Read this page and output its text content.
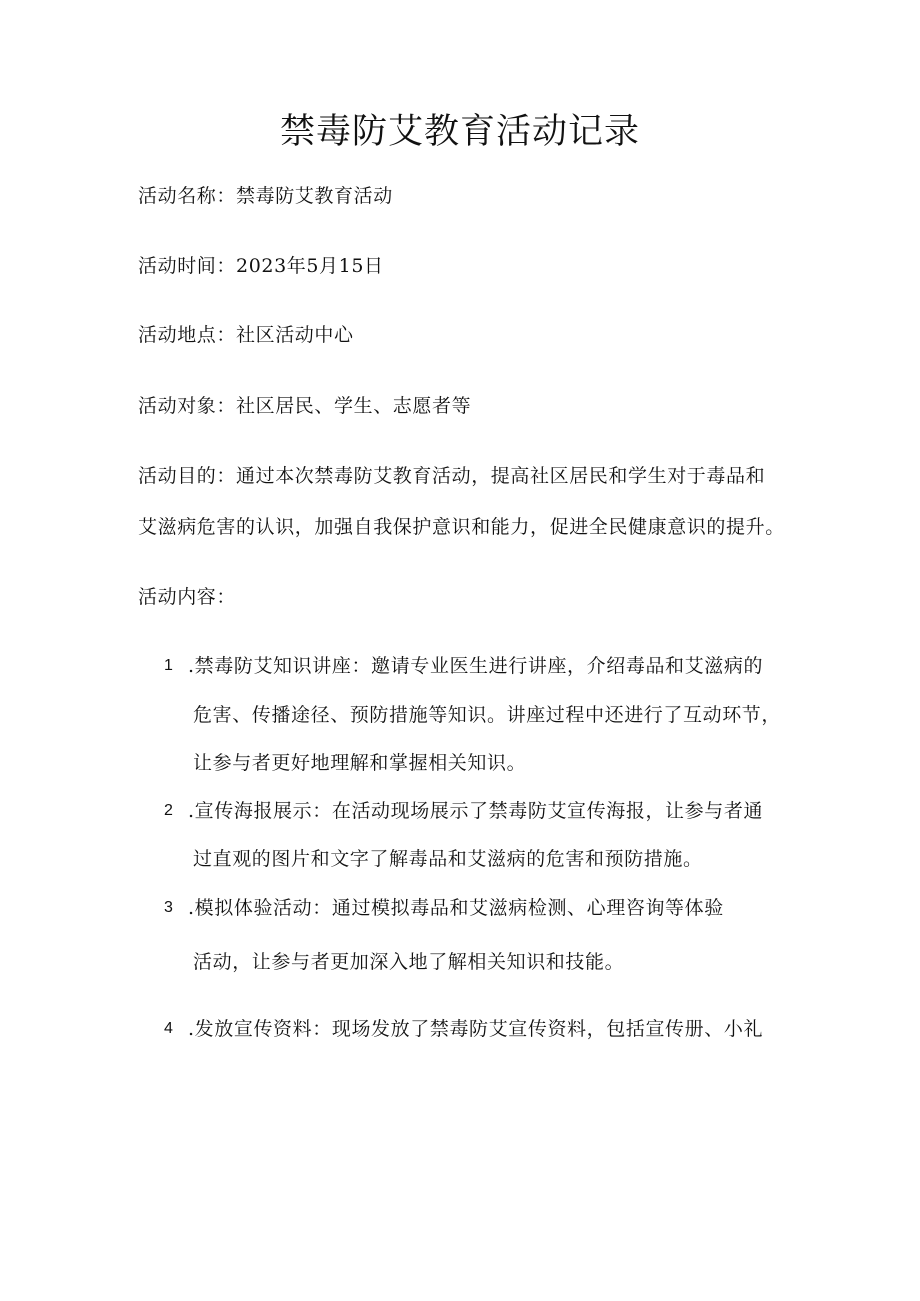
禁毒防艾教育活动记录
活动名称：禁毒防艾教育活动
活动时间：2023年5月15日
活动地点：社区活动中心
活动对象：社区居民、学生、志愿者等
活动目的：通过本次禁毒防艾教育活动，提高社区居民和学生对于毒品和
艾滋病危害的认识，加强自我保护意识和能力，促进全民健康意识的提升。
活动内容：
1 .禁毒防艾知识讲座：邀请专业医生进行讲座，介绍毒品和艾滋病的
危害、传播途径、预防措施等知识。讲座过程中还进行了互动环节，
让参与者更好地理解和掌握相关知识。
2 .宣传海报展示：在活动现场展示了禁毒防艾宣传海报，让参与者通
过直观的图片和文字了解毒品和艾滋病的危害和预防措施。
3 .模拟体验活动：通过模拟毒品和艾滋病检测、心理咨询等体验
活动，让参与者更加深入地了解相关知识和技能。
4 .发放宣传资料：现场发放了禁毒防艾宣传资料，包括宣传册、小礼
